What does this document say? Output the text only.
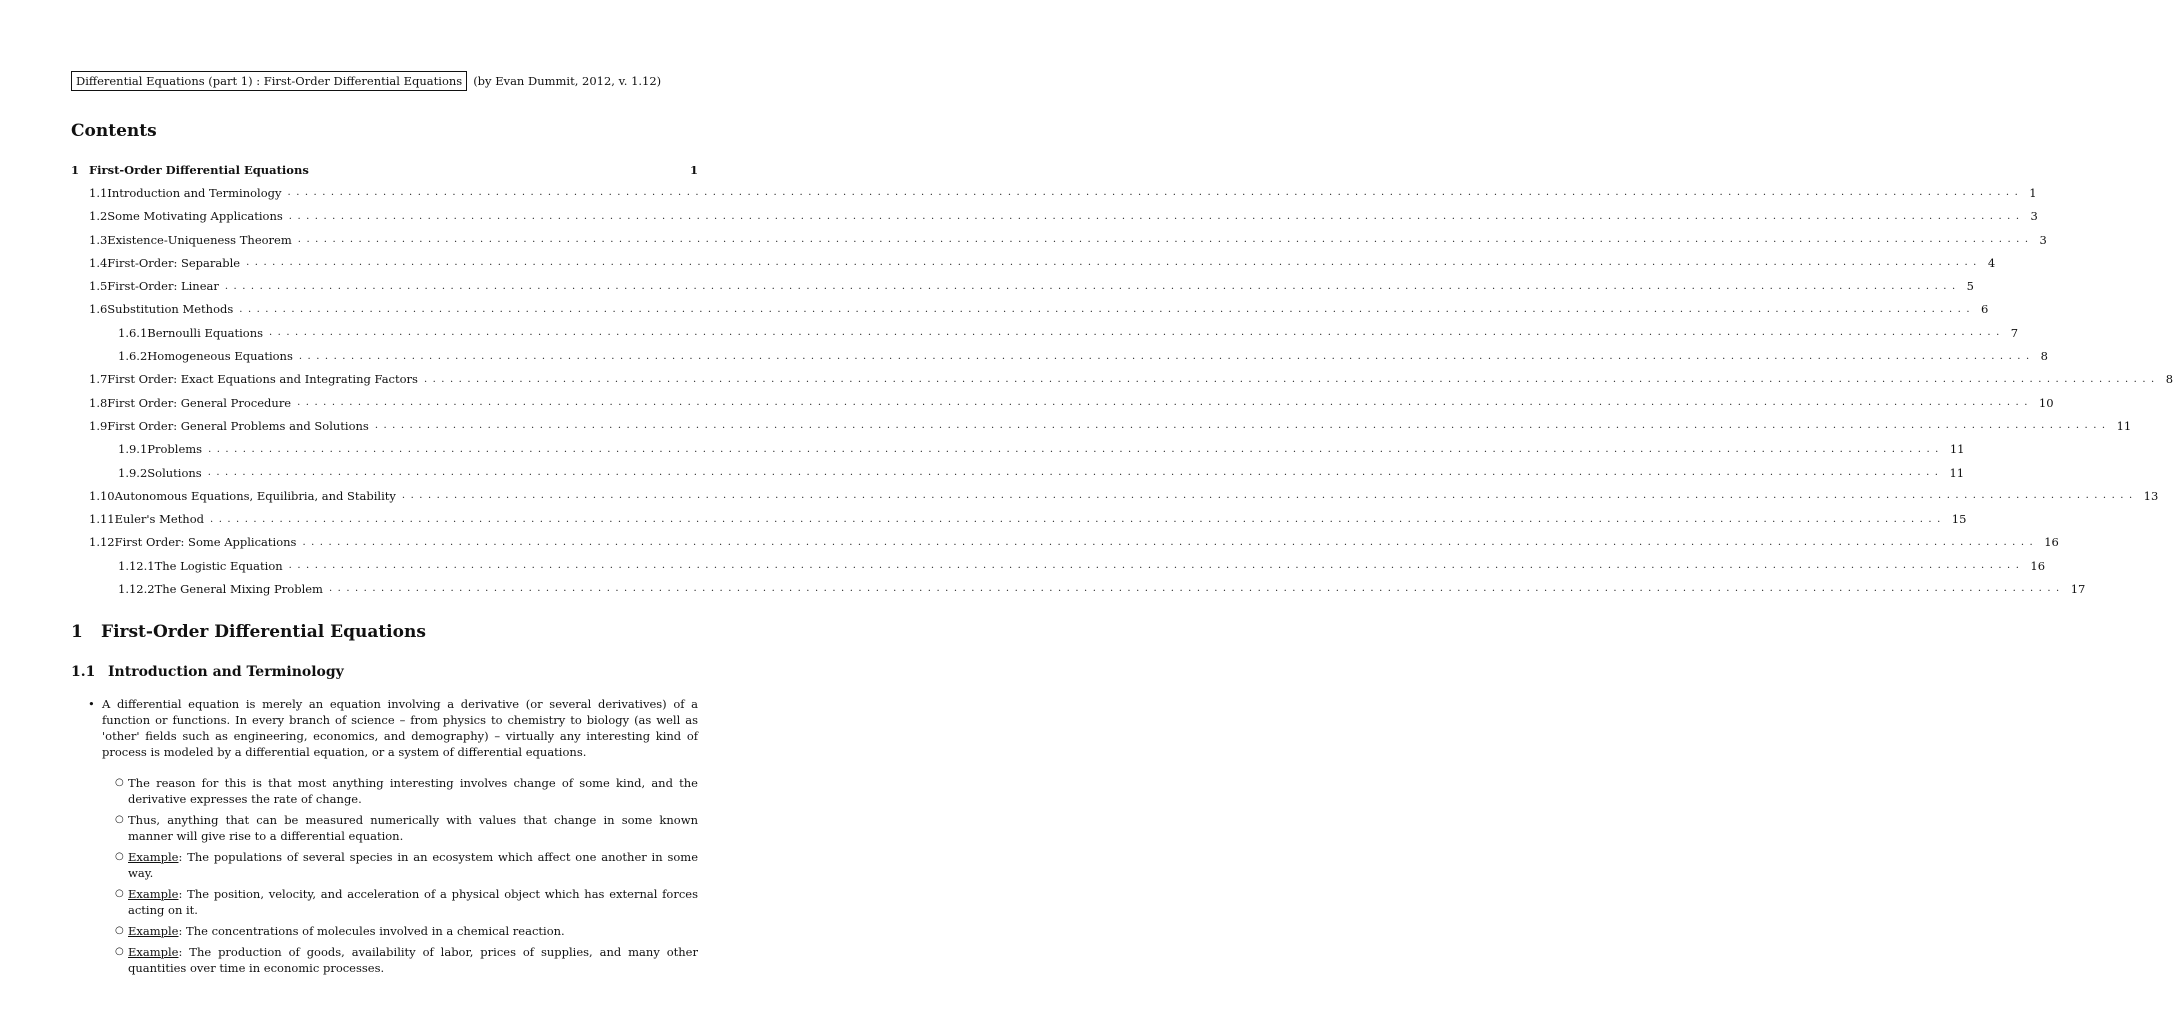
Differential Equations (part 1) : First-Order Differential Equations (by Evan Dummit, 2012, v. 1.12)
Contents
1 First-Order Differential Equations	1
1.1 Introduction and Terminology ........................................................................................................................................................................................................ 1
1.2 Some Motivating Applications ........................................................................................................................................................................................................ 3
1.3 Existence-Uniqueness Theorem ........................................................................................................................................................................................................ 3
1.4 First-Order: Separable ........................................................................................................................................................................................................ 4
1.5 First-Order: Linear ........................................................................................................................................................................................................ 5
1.6 Substitution Methods ........................................................................................................................................................................................................ 6
1.6.1 Bernoulli Equations ........................................................................................................................................................................................................ 7
1.6.2 Homogeneous Equations ........................................................................................................................................................................................................ 8
1.7 First Order: Exact Equations and Integrating Factors ........................................................................................................................................................................................................ 8
1.8 First Order: General Procedure ........................................................................................................................................................................................................ 10
1.9 First Order: General Problems and Solutions ........................................................................................................................................................................................................ 11
1.9.1 Problems ........................................................................................................................................................................................................ 11
1.9.2 Solutions ........................................................................................................................................................................................................ 11
1.10 Autonomous Equations, Equilibria, and Stability ........................................................................................................................................................................................................ 13
1.11 Euler's Method ........................................................................................................................................................................................................ 15
1.12 First Order: Some Applications ........................................................................................................................................................................................................ 16
1.12.1 The Logistic Equation ........................................................................................................................................................................................................ 16
1.12.2 The General Mixing Problem ........................................................................................................................................................................................................ 17
1 First-Order Differential Equations
1.1 Introduction and Terminology
• A differential equation is merely an equation involving a derivative (or several derivatives) of a function or functions. In every branch of science – from physics to chemistry to biology (as well as 'other' fields such as engineering, economics, and demography) – virtually any interesting kind of process is modeled by a differential equation, or a system of differential equations.

○ The reason for this is that most anything interesting involves change of some kind, and the derivative expresses the rate of change.

○ Thus, anything that can be measured numerically with values that change in some known manner will give rise to a differential equation.

○ Example: The populations of several species in an ecosystem which affect one another in some way.

○ Example: The position, velocity, and acceleration of a physical object which has external forces acting on it.

○ Example: The concentrations of molecules involved in a chemical reaction.

○ Example: The production of goods, availability of labor, prices of supplies, and many other quantities over time in economic processes.
